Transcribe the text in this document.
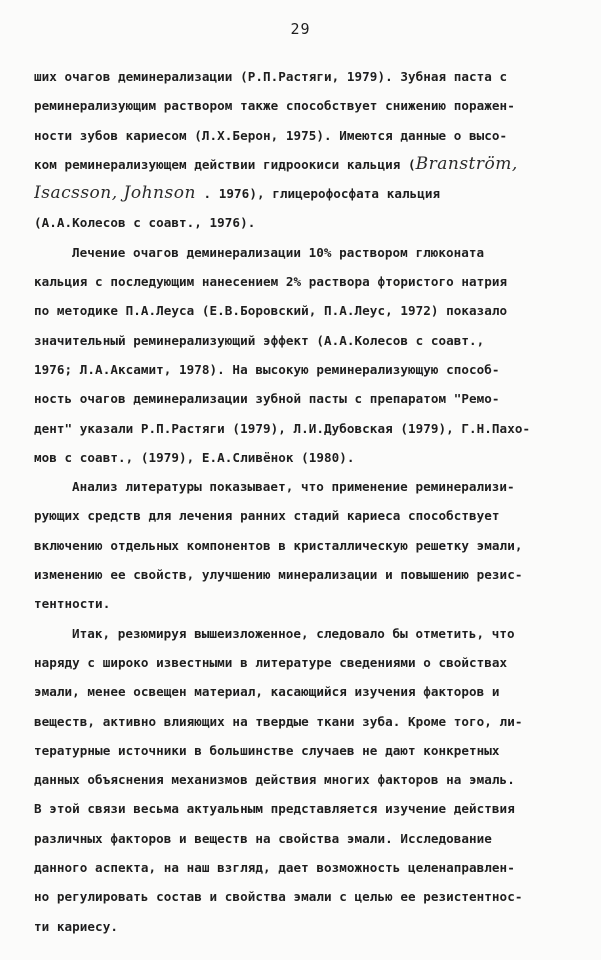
29
ших очагов деминерализации (Р.П.Растяги, 1979). Зубная паста с
реминерализующим раствором также способствует снижению поражен-
ности зубов кариесом (Л.Х.Берон, 1975). Имеются данные о высо-
ком реминерализующем действии гидроокиси кальция (Branström,
Isacsson, Johnson . 1976), глицерофосфата кальция
(А.А.Колесов с соавт., 1976).
Лечение очагов деминерализации 10% раствором глюконата
кальция с последующим нанесением 2% раствора фтористого натрия
по методике П.А.Леуса (Е.В.Боровский, П.А.Леус, 1972) показало
значительный реминерализующий эффект (А.А.Колесов с соавт.,
1976; Л.А.Аксамит, 1978). На высокую реминерализующую способ-
ность очагов деминерализации зубной пасты с препаратом "Ремо-
дент" указали Р.П.Растяги (1979), Л.И.Дубовская (1979), Г.Н.Пахо-
мов с соавт., (1979), Е.А.Сливёнок (1980).
Анализ литературы показывает, что применение реминерализи-
рующих средств для лечения ранних стадий кариеса способствует
включению отдельных компонентов в кристаллическую решетку эмали,
изменению ее свойств, улучшению минерализации и повышению резис-
тентности.
Итак, резюмируя вышеизложенное, следовало бы отметить, что
наряду с широко известными в литературе сведениями о свойствах
эмали, менее освещен материал, касающийся изучения факторов и
веществ, активно влияющих на твердые ткани зуба. Кроме того, ли-
тературные источники в большинстве случаев не дают конкретных
данных объяснения механизмов действия многих факторов на эмаль.
В этой связи весьма актуальным представляется изучение действия
различных факторов и веществ на свойства эмали. Исследование
данного аспекта, на наш взгляд, дает возможность целенаправлен-
но регулировать состав и свойства эмали с целью ее резистентнос-
ти кариесу.
